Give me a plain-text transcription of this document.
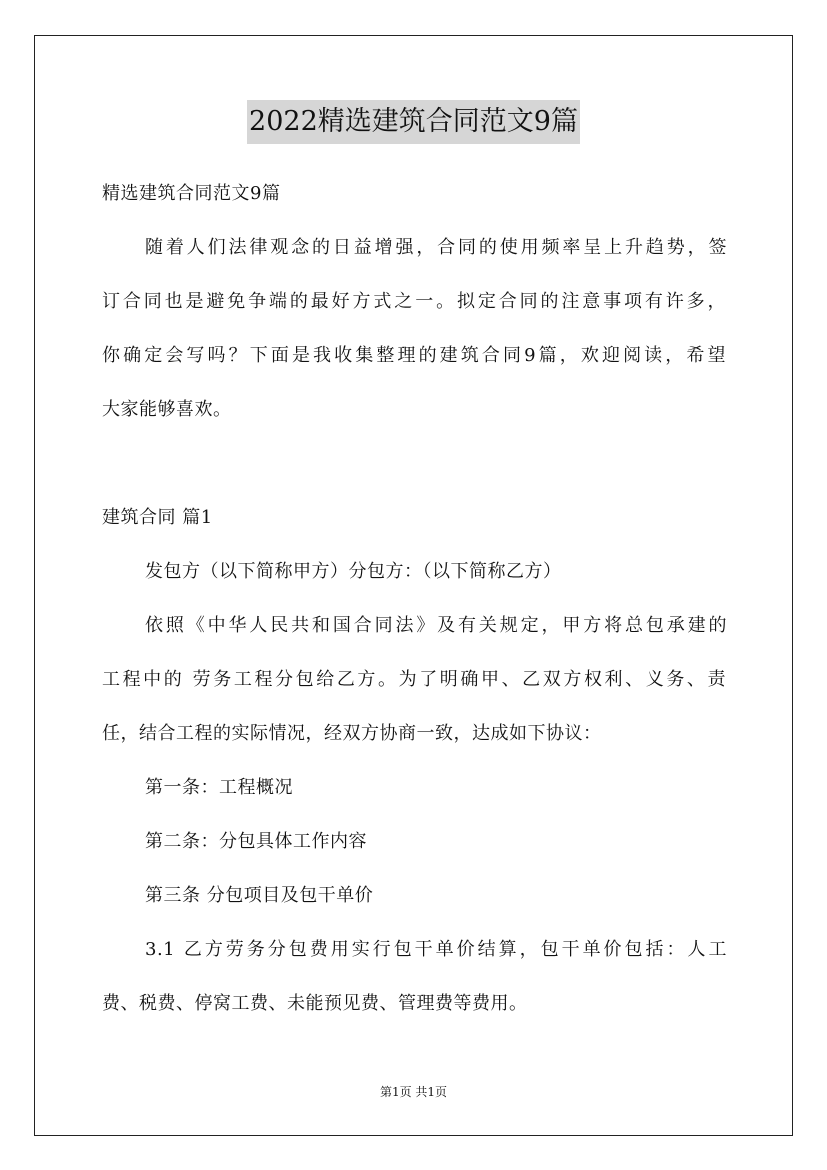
2022精选建筑合同范文9篇
精选建筑合同范文9篇
随着人们法律观念的日益增强，合同的使用频率呈上升趋势，签
订合同也是避免争端的最好方式之一。拟定合同的注意事项有许多，
你确定会写吗？下面是我收集整理的建筑合同9篇，欢迎阅读，希望
大家能够喜欢。
建筑合同 篇1
发包方（以下简称甲方）分包方：（以下简称乙方）
依照《中华人民共和国合同法》及有关规定，甲方将总包承建的
工程中的 劳务工程分包给乙方。为了明确甲、乙双方权利、义务、责
任，结合工程的实际情况，经双方协商一致，达成如下协议：
第一条：工程概况
第二条：分包具体工作内容
第三条 分包项目及包干单价
3.1 乙方劳务分包费用实行包干单价结算，包干单价包括：人工
费、税费、停窝工费、未能预见费、管理费等费用。
第1页 共1页
